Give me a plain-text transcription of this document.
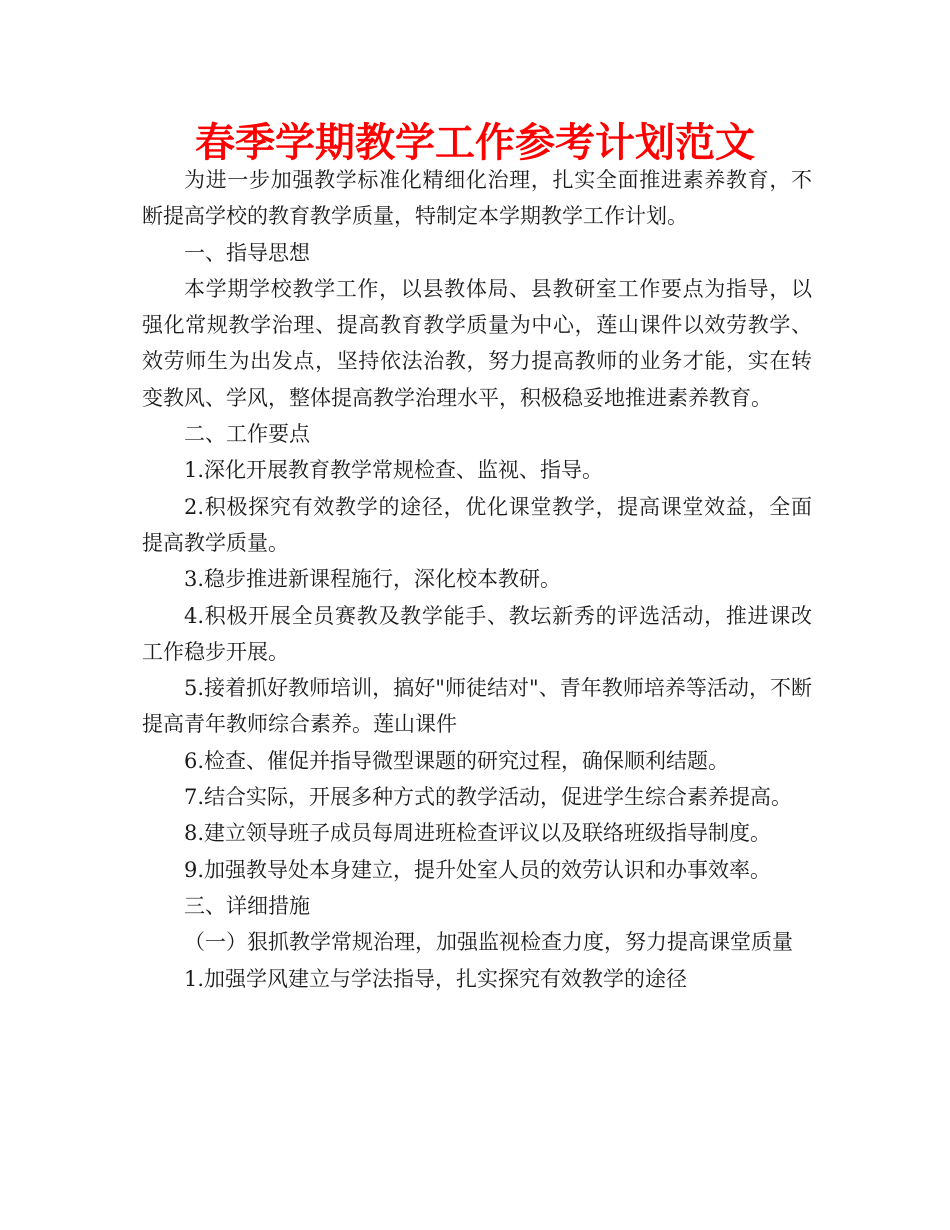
春季学期教学工作参考计划范文

为进一步加强教学标准化精细化治理，扎实全面推进素养教育，不断提高学校的教育教学质量，特制定本学期教学工作计划。

一、指导思想

本学期学校教学工作，以县教体局、县教研室工作要点为指导，以强化常规教学治理、提高教育教学质量为中心，莲山课件以效劳教学、效劳师生为出发点，坚持依法治教，努力提高教师的业务才能，实在转变教风、学风，整体提高教学治理水平，积极稳妥地推进素养教育。

二、工作要点

1.深化开展教育教学常规检查、监视、指导。

2.积极探究有效教学的途径，优化课堂教学，提高课堂效益，全面提高教学质量。

3.稳步推进新课程施行，深化校本教研。

4.积极开展全员赛教及教学能手、教坛新秀的评选活动，推进课改工作稳步开展。

5.接着抓好教师培训，搞好"师徒结对"、青年教师培养等活动，不断提高青年教师综合素养。莲山课件

6.检查、催促并指导微型课题的研究过程，确保顺利结题。

7.结合实际，开展多种方式的教学活动，促进学生综合素养提高。

8.建立领导班子成员每周进班检查评议以及联络班级指导制度。

9.加强教导处本身建立，提升处室人员的效劳认识和办事效率。

三、详细措施

（一）狠抓教学常规治理，加强监视检查力度，努力提高课堂质量

1.加强学风建立与学法指导，扎实探究有效教学的途径
